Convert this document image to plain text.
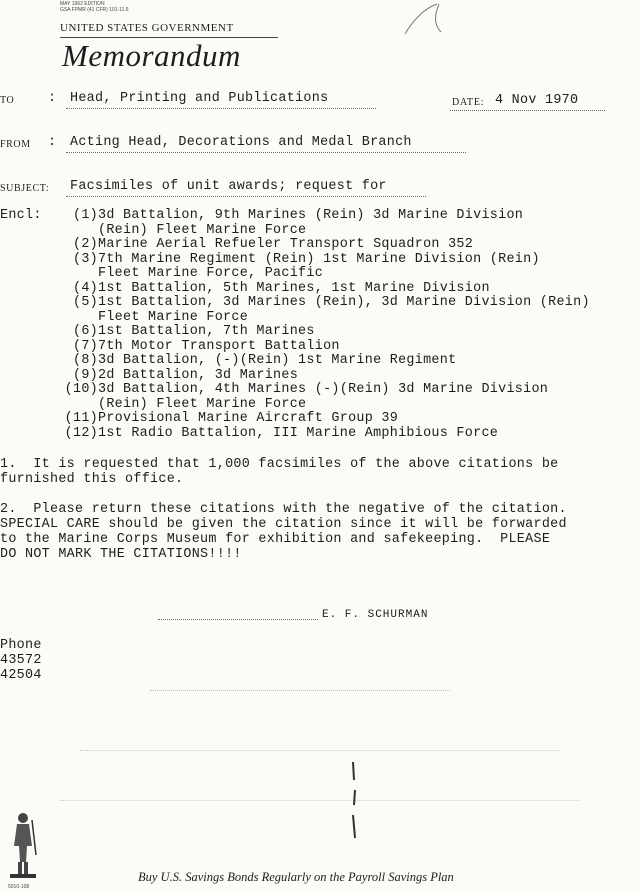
MAY 1962 EDITION
GSA FPMR (41 CFR) 101-11.6
UNITED STATES GOVERNMENT
Memorandum
TO	: Head, Printing and Publications	DATE: 4 Nov 1970
FROM : Acting Head, Decorations and Medal Branch
SUBJECT: Facsimiles of unit awards; request for
Encl:	(1) 3d Battalion, 9th Marines (Rein) 3d Marine Division
(Rein) Fleet Marine Force
(2) Marine Aerial Refueler Transport Squadron 352
(3) 7th Marine Regiment (Rein) 1st Marine Division (Rein)
Fleet Marine Force, Pacific
(4) 1st Battalion, 5th Marines, 1st Marine Division
(5) 1st Battalion, 3d Marines (Rein), 3d Marine Division (Rein)
Fleet Marine Force
(6) 1st Battalion, 7th Marines
(7) 7th Motor Transport Battalion
(8) 3d Battalion, (-)(Rein) 1st Marine Regiment
(9) 2d Battalion, 3d Marines
(10) 3d Battalion, 4th Marines (-)(Rein) 3d Marine Division
(Rein) Fleet Marine Force
(11) Provisional Marine Aircraft Group 39
(12) 1st Radio Battalion, III Marine Amphibious Force
1.  It is requested that 1,000 facsimiles of the above citations be
furnished this office.
2.  Please return these citations with the negative of the citation.
SPECIAL CARE should be given the citation since it will be forwarded
to the Marine Corps Museum for exhibition and safekeeping.  PLEASE
DO NOT MARK THE CITATIONS!!!!
E. F. SCHURMAN
Phone
43572
42504
5010-108
Buy U.S. Savings Bonds Regularly on the Payroll Savings Plan
